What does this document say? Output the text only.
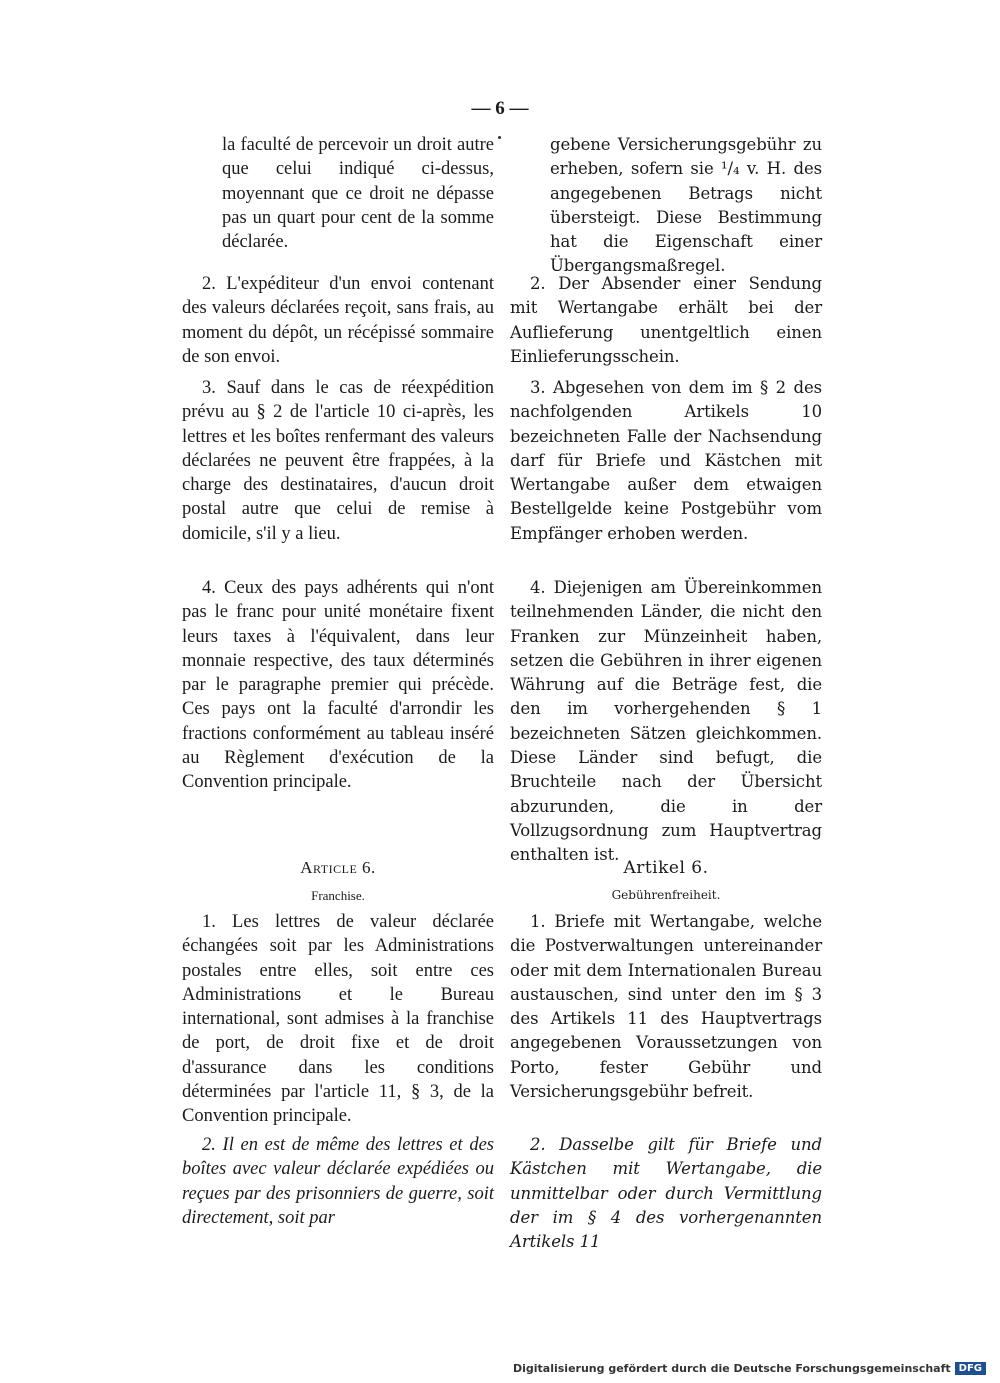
— 6 —

la faculté de percevoir un droit autre que celui indiqué ci-dessus, moyennant que ce droit ne dépasse pas un quart pour cent de la somme déclarée.

2. L'expéditeur d'un envoi contenant des valeurs déclarées reçoit, sans frais, au moment du dépôt, un récépissé sommaire de son envoi.

3. Sauf dans le cas de réexpédition prévu au § 2 de l'article 10 ci-après, les lettres et les boîtes renfermant des valeurs déclarées ne peuvent être frappées, à la charge des destinataires, d'aucun droit postal autre que celui de remise à domicile, s'il y a lieu.

4. Ceux des pays adhérents qui n'ont pas le franc pour unité monétaire fixent leurs taxes à l'équivalent, dans leur monnaie respective, des taux déterminés par le paragraphe premier qui précède. Ces pays ont la faculté d'arrondir les fractions conformément au tableau inséré au Règlement d'exécution de la Convention principale.

Article 6.
Franchise.

1. Les lettres de valeur déclarée échangées soit par les Administrations postales entre elles, soit entre ces Administrations et le Bureau international, sont admises à la franchise de port, de droit fixe et de droit d'assurance dans les conditions déterminées par l'article 11, § 3, de la Convention principale.

2. Il en est de même des lettres et des boîtes avec valeur déclarée expédiées ou reçues par des prisonniers de guerre, soit directement, soit par

gebene Versicherungsgebühr zu erheben, sofern sie ¹/₄ v. H. des angegebenen Betrags nicht übersteigt. Diese Bestimmung hat die Eigenschaft einer Übergangsmaßregel.

2. Der Absender einer Sendung mit Wertangabe erhält bei der Auflieferung unentgeltlich einen Einlieferungsschein.

3. Abgesehen von dem im § 2 des nachfolgenden Artikels 10 bezeichneten Falle der Nachsendung darf für Briefe und Kästchen mit Wertangabe außer dem etwaigen Bestellgelde keine Postgebühr vom Empfänger erhoben werden.

4. Diejenigen am Übereinkommen teilnehmenden Länder, die nicht den Franken zur Münzeinheit haben, setzen die Gebühren in ihrer eigenen Währung auf die Beträge fest, die den im vorhergehenden § 1 bezeichneten Sätzen gleichkommen. Diese Länder sind befugt, die Bruchteile nach der Übersicht abzurunden, die in der Vollzugsordnung zum Hauptvertrag enthalten ist.

Artikel 6.
Gebührenfreiheit.

1. Briefe mit Wertangabe, welche die Postverwaltungen untereinander oder mit dem Internationalen Bureau austauschen, sind unter den im § 3 des Artikels 11 des Hauptvertrags angegebenen Voraussetzungen von Porto, fester Gebühr und Versicherungsgebühr befreit.

2. Dasselbe gilt für Briefe und Kästchen mit Wertangabe, die unmittelbar oder durch Vermittlung der im § 4 des vorhergenannten Artikels 11

Digitalisierung gefördert durch die Deutsche Forschungsgemeinschaft DFG
